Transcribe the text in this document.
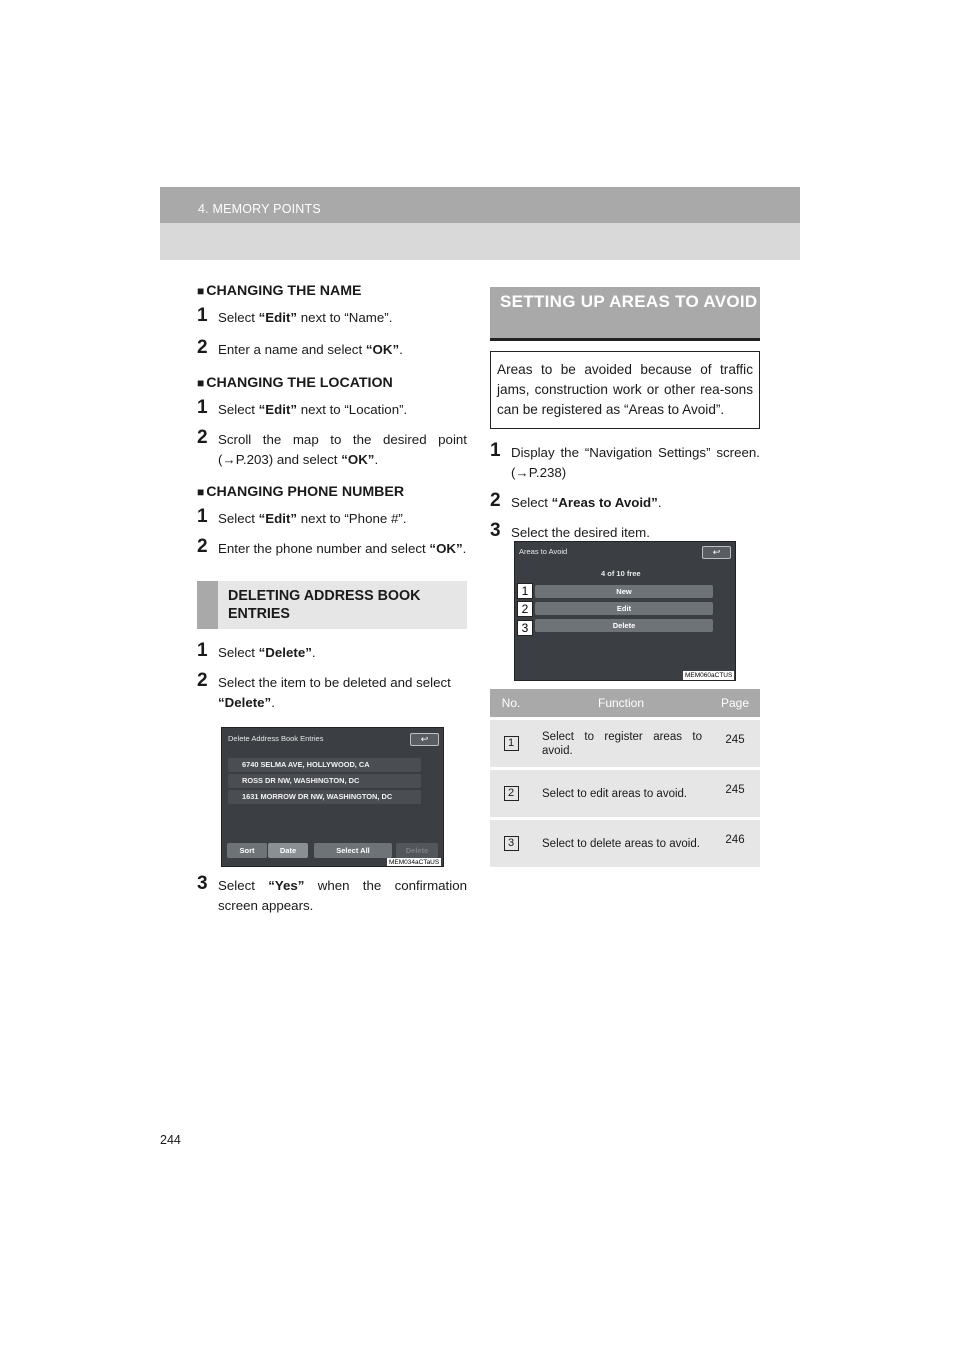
4. MEMORY POINTS

■ CHANGING THE NAME

1 Select “Edit” next to “Name”.
2 Enter a name and select “OK”.

■ CHANGING THE LOCATION

1 Select “Edit” next to “Location”.
2 Scroll the map to the desired point (→P.203) and select “OK”.

■ CHANGING PHONE NUMBER

1 Select “Edit” next to “Phone #”.
2 Enter the phone number and select “OK”.
DELETING ADDRESS BOOK ENTRIES
1 Select “Delete”.
2 Select the item to be deleted and select “Delete”.
Delete Address Book Entries	↩
6740 SELMA AVE, HOLLYWOOD, CA
ROSS DR NW, WASHINGTON, DC
1631 MORROW DR NW, WASHINGTON, DC
Sort	Date	Select All	Delete
MEM034aCTaUS
3 Select “Yes” when the confirmation screen appears.
SETTING UP AREAS TO AVOID
Areas to be avoided because of traffic jams, construction work or other rea-sons can be registered as “Areas to Avoid”.
1 Display the “Navigation Settings” screen. (→P.238)
2 Select “Areas to Avoid”.
3 Select the desired item.
Areas to Avoid	↩
4 of 10 free
New
Edit
Delete
1
2
3
MEM060aCTUS
No.	Function	Page
1	Select to register areas to avoid.	245
2	Select to edit areas to avoid.	245
3	Select to delete areas to avoid.	246
244
